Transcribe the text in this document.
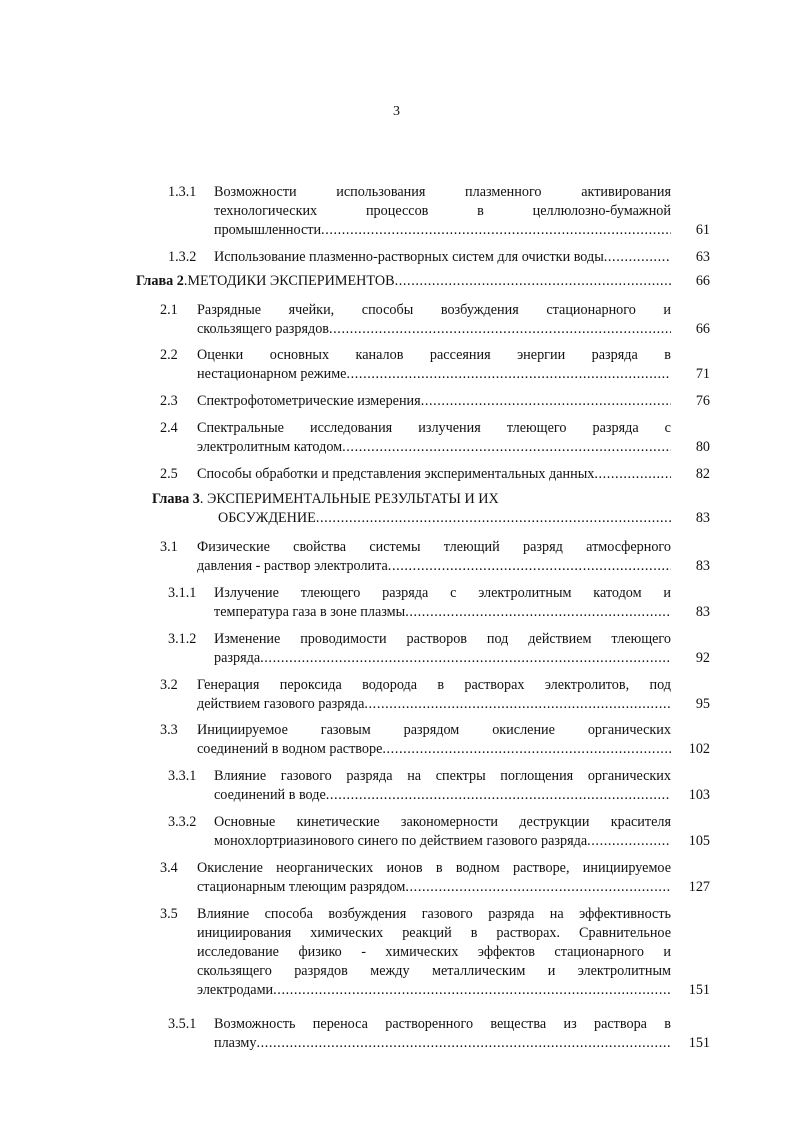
3
1.3.1 Возможности использования плазменного активирования
технологических процессов в целлюлозно-бумажной
промышленности .....	61
1.3.2 Использование плазменно-растворных систем для очистки воды .....	63
Глава 2 . МЕТОДИКИ ЭКСПЕРИМЕНТОВ .....	66
2.1 Разрядные ячейки, способы возбуждения стационарного и
скользящего разрядов .....	66
2.2 Оценки основных каналов рассеяния энергии разряда в
нестационарном режиме .....	71
2.3 Спектрофотометрические измерения .....	76
2.4 Спектральные исследования излучения тлеющего разряда с
электролитным катодом .....	80
2.5 Способы обработки и представления экспериментальных данных .....	82
Глава 3. ЭКСПЕРИМЕНТАЛЬНЫЕ РЕЗУЛЬТАТЫ И ИХ
ОБСУЖДЕНИЕ .....	83
3.1 Физические свойства системы тлеющий разряд атмосферного
давления - раствор электролита .....	83
3.1.1 Излучение тлеющего разряда с электролитным катодом и
температура газа в зоне плазмы .....	83
3.1.2 Изменение проводимости растворов под действием тлеющего
разряда .....	92
3.2 Генерация пероксида водорода в растворах электролитов, под
действием газового разряда .....	95
3.3 Инициируемое газовым разрядом окисление органических
соединений в водном растворе .....	102
3.3.1 Влияние газового разряда на спектры поглощения органических
соединений в воде .....	103
3.3.2 Основные кинетические закономерности деструкции красителя
монохлортриазинового синего по действием газового разряда .....	105
3.4 Окисление неорганических ионов в водном растворе, инициируемое
стационарным тлеющим разрядом .....	127
3.5 Влияние способа возбуждения газового разряда на эффективность
инициирования химических реакций в растворах. Сравнительное
исследование физико - химических эффектов стационарного и
скользящего разрядов между металлическим и электролитным
электродами .....	151
3.5.1 Возможность переноса растворенного вещества из раствора в
плазму .....	151
